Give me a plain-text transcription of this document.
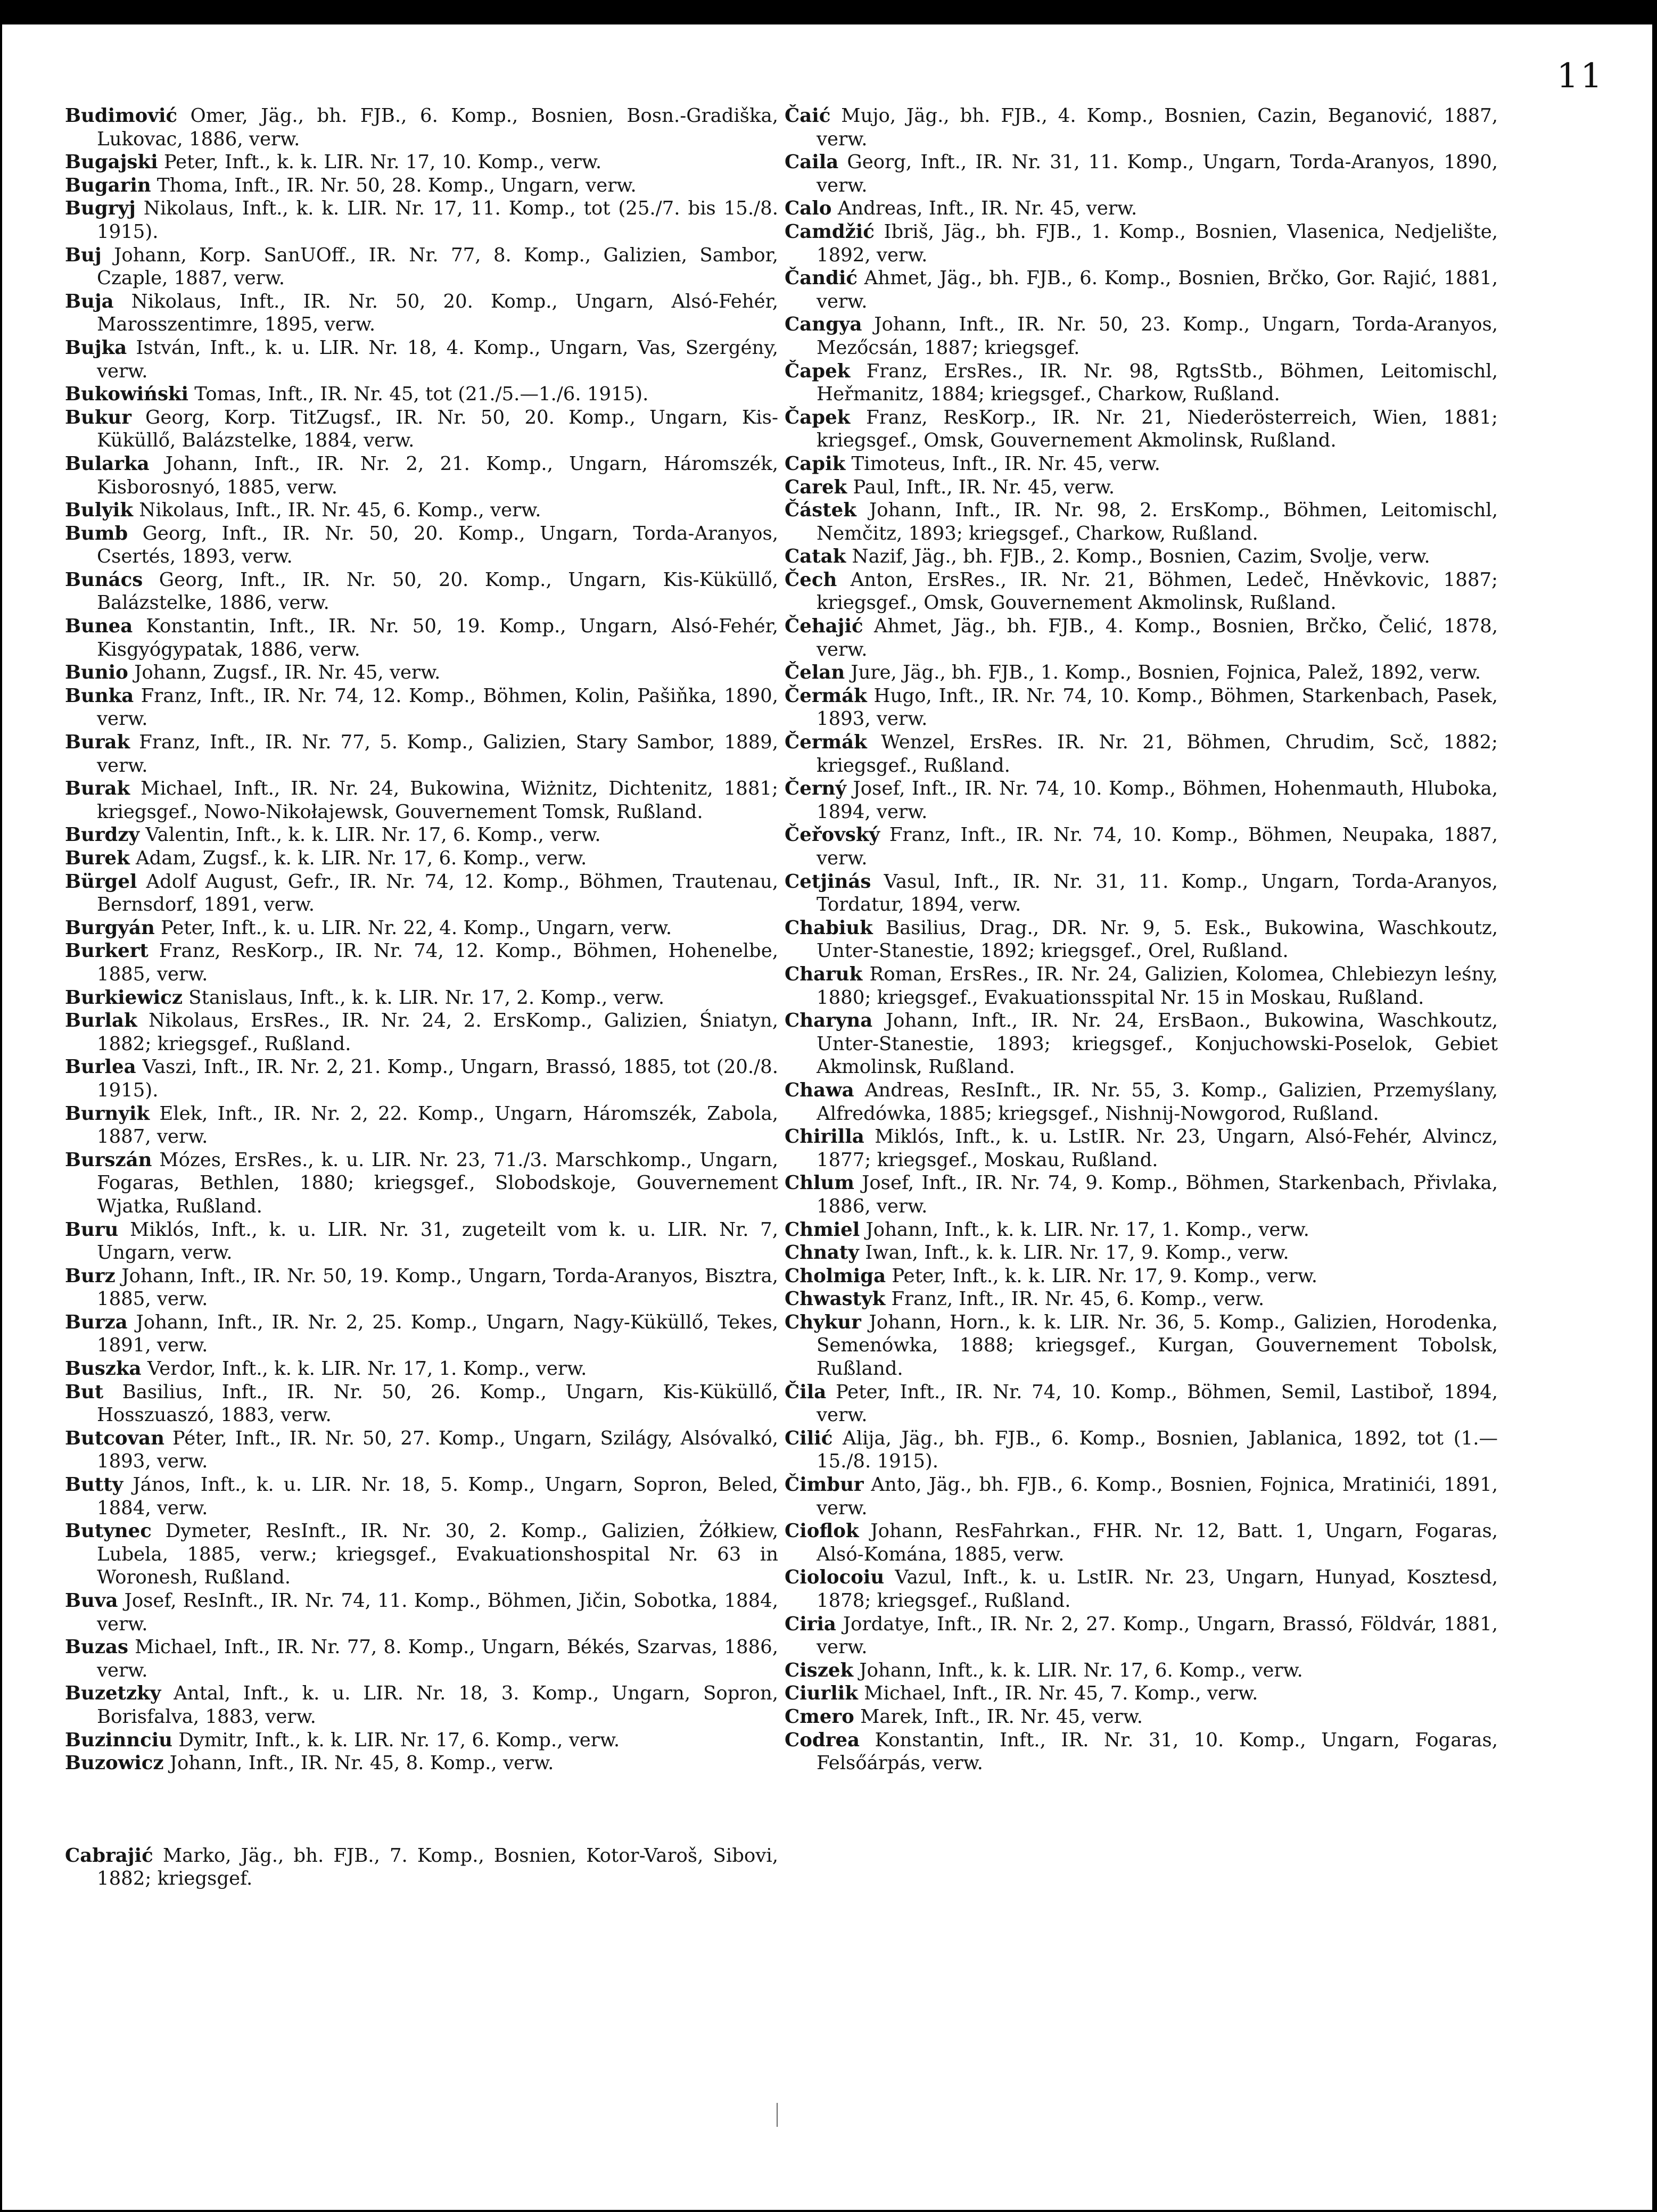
11

Budimović Omer, Jäg., bh. FJB., 6. Komp., Bosnien, Bosn.-Gradiška, Lukovac, 1886, verw.

Bugajski Peter, Inft., k. k. LIR. Nr. 17, 10. Komp., verw.

Bugarin Thoma, Inft., IR. Nr. 50, 28. Komp., Ungarn, verw.

Bugryj Nikolaus, Inft., k. k. LIR. Nr. 17, 11. Komp., tot (25./7. bis 15./8. 1915).

Buj Johann, Korp. SanUOff., IR. Nr. 77, 8. Komp., Galizien, Sambor, Czaple, 1887, verw.

Buja Nikolaus, Inft., IR. Nr. 50, 20. Komp., Ungarn, Alsó-Fehér, Marosszentimre, 1895, verw.

Bujka István, Inft., k. u. LIR. Nr. 18, 4. Komp., Ungarn, Vas, Szergény, verw.

Bukowiński Tomas, Inft., IR. Nr. 45, tot (21./5.—1./6. 1915).

Bukur Georg, Korp. TitZugsf., IR. Nr. 50, 20. Komp., Ungarn, Kis-Küküllő, Balázstelke, 1884, verw.

Bularka Johann, Inft., IR. Nr. 2, 21. Komp., Ungarn, Háromszék, Kisborosnyó, 1885, verw.

Bulyik Nikolaus, Inft., IR. Nr. 45, 6. Komp., verw.

Bumb Georg, Inft., IR. Nr. 50, 20. Komp., Ungarn, Torda-Aranyos, Csertés, 1893, verw.

Bunács Georg, Inft., IR. Nr. 50, 20. Komp., Ungarn, Kis-Küküllő, Balázstelke, 1886, verw.

Bunea Konstantin, Inft., IR. Nr. 50, 19. Komp., Ungarn, Alsó-Fehér, Kisgyógypatak, 1886, verw.

Bunio Johann, Zugsf., IR. Nr. 45, verw.

Bunka Franz, Inft., IR. Nr. 74, 12. Komp., Böhmen, Kolin, Pašiňka, 1890, verw.

Burak Franz, Inft., IR. Nr. 77, 5. Komp., Galizien, Stary Sambor, 1889, verw.

Burak Michael, Inft., IR. Nr. 24, Bukowina, Wiżnitz, Dichtenitz, 1881; kriegsgef., Nowo-Nikołajewsk, Gouvernement Tomsk, Rußland.

Burdzy Valentin, Inft., k. k. LIR. Nr. 17, 6. Komp., verw.

Burek Adam, Zugsf., k. k. LIR. Nr. 17, 6. Komp., verw.

Bürgel Adolf August, Gefr., IR. Nr. 74, 12. Komp., Böhmen, Trautenau, Bernsdorf, 1891, verw.

Burgyán Peter, Inft., k. u. LIR. Nr. 22, 4. Komp., Ungarn, verw.

Burkert Franz, ResKorp., IR. Nr. 74, 12. Komp., Böhmen, Hohenelbe, 1885, verw.

Burkiewicz Stanislaus, Inft., k. k. LIR. Nr. 17, 2. Komp., verw.

Burlak Nikolaus, ErsRes., IR. Nr. 24, 2. ErsKomp., Galizien, Śniatyn, 1882; kriegsgef., Rußland.

Burlea Vaszi, Inft., IR. Nr. 2, 21. Komp., Ungarn, Brassó, 1885, tot (20./8. 1915).

Burnyik Elek, Inft., IR. Nr. 2, 22. Komp., Ungarn, Háromszék, Zabola, 1887, verw.

Burszán Mózes, ErsRes., k. u. LIR. Nr. 23, 71./3. Marschkomp., Ungarn, Fogaras, Bethlen, 1880; kriegsgef., Slobodskoje, Gouvernement Wjatka, Rußland.

Buru Miklós, Inft., k. u. LIR. Nr. 31, zugeteilt vom k. u. LIR. Nr. 7, Ungarn, verw.

Burz Johann, Inft., IR. Nr. 50, 19. Komp., Ungarn, Torda-Aranyos, Bisztra, 1885, verw.

Burza Johann, Inft., IR. Nr. 2, 25. Komp., Ungarn, Nagy-Küküllő, Tekes, 1891, verw.

Buszka Verdor, Inft., k. k. LIR. Nr. 17, 1. Komp., verw.

But Basilius, Inft., IR. Nr. 50, 26. Komp., Ungarn, Kis-Küküllő, Hosszuaszó, 1883, verw.

Butcovan Péter, Inft., IR. Nr. 50, 27. Komp., Ungarn, Szilágy, Alsóvalkó, 1893, verw.

Butty János, Inft., k. u. LIR. Nr. 18, 5. Komp., Ungarn, Sopron, Beled, 1884, verw.

Butynec Dymeter, ResInft., IR. Nr. 30, 2. Komp., Galizien, Żółkiew, Lubela, 1885, verw.; kriegsgef., Evakuationshospital Nr. 63 in Woronesh, Rußland.

Buva Josef, ResInft., IR. Nr. 74, 11. Komp., Böhmen, Jičin, Sobotka, 1884, verw.

Buzas Michael, Inft., IR. Nr. 77, 8. Komp., Ungarn, Békés, Szarvas, 1886, verw.

Buzetzky Antal, Inft., k. u. LIR. Nr. 18, 3. Komp., Ungarn, Sopron, Borisfalva, 1883, verw.

Buzinnciu Dymitr, Inft., k. k. LIR. Nr. 17, 6. Komp., verw.

Buzowicz Johann, Inft., IR. Nr. 45, 8. Komp., verw.

Cabrajić Marko, Jäg., bh. FJB., 7. Komp., Bosnien, Kotor-Varoš, Sibovi, 1882; kriegsgef.

Čaić Mujo, Jäg., bh. FJB., 4. Komp., Bosnien, Cazin, Beganović, 1887, verw.

Caila Georg, Inft., IR. Nr. 31, 11. Komp., Ungarn, Torda-Aranyos, 1890, verw.

Calo Andreas, Inft., IR. Nr. 45, verw.

Camdžić Ibriš, Jäg., bh. FJB., 1. Komp., Bosnien, Vlasenica, Nedjelište, 1892, verw.

Čandić Ahmet, Jäg., bh. FJB., 6. Komp., Bosnien, Brčko, Gor. Rajić, 1881, verw.

Cangya Johann, Inft., IR. Nr. 50, 23. Komp., Ungarn, Torda-Aranyos, Mezőcsán, 1887; kriegsgef.

Čapek Franz, ErsRes., IR. Nr. 98, RgtsStb., Böhmen, Leitomischl, Heřmanitz, 1884; kriegsgef., Charkow, Rußland.

Čapek Franz, ResKorp., IR. Nr. 21, Niederösterreich, Wien, 1881; kriegsgef., Omsk, Gouvernement Akmolinsk, Rußland.

Capik Timoteus, Inft., IR. Nr. 45, verw.

Carek Paul, Inft., IR. Nr. 45, verw.

Částek Johann, Inft., IR. Nr. 98, 2. ErsKomp., Böhmen, Leitomischl, Nemčitz, 1893; kriegsgef., Charkow, Rußland.

Catak Nazif, Jäg., bh. FJB., 2. Komp., Bosnien, Cazim, Svolje, verw.

Čech Anton, ErsRes., IR. Nr. 21, Böhmen, Ledeč, Hněvkovic, 1887; kriegsgef., Omsk, Gouvernement Akmolinsk, Rußland.

Čehajić Ahmet, Jäg., bh. FJB., 4. Komp., Bosnien, Brčko, Čelić, 1878, verw.

Čelan Jure, Jäg., bh. FJB., 1. Komp., Bosnien, Fojnica, Palež, 1892, verw.

Čermák Hugo, Inft., IR. Nr. 74, 10. Komp., Böhmen, Starkenbach, Pasek, 1893, verw.

Čermák Wenzel, ErsRes. IR. Nr. 21, Böhmen, Chrudim, Scč, 1882; kriegsgef., Rußland.

Černý Josef, Inft., IR. Nr. 74, 10. Komp., Böhmen, Hohenmauth, Hluboka, 1894, verw.

Čeřovský Franz, Inft., IR. Nr. 74, 10. Komp., Böhmen, Neupaka, 1887, verw.

Cetjinás Vasul, Inft., IR. Nr. 31, 11. Komp., Ungarn, Torda-Aranyos, Tordatur, 1894, verw.

Chabiuk Basilius, Drag., DR. Nr. 9, 5. Esk., Bukowina, Waschkoutz, Unter-Stanestie, 1892; kriegsgef., Orel, Rußland.

Charuk Roman, ErsRes., IR. Nr. 24, Galizien, Kolomea, Chlebiezyn leśny, 1880; kriegsgef., Evakuationsspital Nr. 15 in Moskau, Rußland.

Charyna Johann, Inft., IR. Nr. 24, ErsBaon., Bukowina, Waschkoutz, Unter-Stanestie, 1893; kriegsgef., Konjuchowski-Poselok, Gebiet Akmolinsk, Rußland.

Chawa Andreas, ResInft., IR. Nr. 55, 3. Komp., Galizien, Przemyślany, Alfredówka, 1885; kriegsgef., Nishnij-Nowgorod, Rußland.

Chirilla Miklós, Inft., k. u. LstIR. Nr. 23, Ungarn, Alsó-Fehér, Alvincz, 1877; kriegsgef., Moskau, Rußland.

Chlum Josef, Inft., IR. Nr. 74, 9. Komp., Böhmen, Starkenbach, Přivlaka, 1886, verw.

Chmiel Johann, Inft., k. k. LIR. Nr. 17, 1. Komp., verw.

Chnaty Iwan, Inft., k. k. LIR. Nr. 17, 9. Komp., verw.

Cholmiga Peter, Inft., k. k. LIR. Nr. 17, 9. Komp., verw.

Chwastyk Franz, Inft., IR. Nr. 45, 6. Komp., verw.

Chykur Johann, Horn., k. k. LIR. Nr. 36, 5. Komp., Galizien, Horodenka, Semenówka, 1888; kriegsgef., Kurgan, Gouvernement Tobolsk, Rußland.

Čila Peter, Inft., IR. Nr. 74, 10. Komp., Böhmen, Semil, Lastiboř, 1894, verw.

Cilić Alija, Jäg., bh. FJB., 6. Komp., Bosnien, Jablanica, 1892, tot (1.—15./8. 1915).

Čimbur Anto, Jäg., bh. FJB., 6. Komp., Bosnien, Fojnica, Mratinići, 1891, verw.

Cioflok Johann, ResFahrkan., FHR. Nr. 12, Batt. 1, Ungarn, Fogaras, Alsó-Komána, 1885, verw.

Ciolocoiu Vazul, Inft., k. u. LstIR. Nr. 23, Ungarn, Hunyad, Kosztesd, 1878; kriegsgef., Rußland.

Ciria Jordatye, Inft., IR. Nr. 2, 27. Komp., Ungarn, Brassó, Földvár, 1881, verw.

Ciszek Johann, Inft., k. k. LIR. Nr. 17, 6. Komp., verw.

Ciurlik Michael, Inft., IR. Nr. 45, 7. Komp., verw.

Cmero Marek, Inft., IR. Nr. 45, verw.

Codrea Konstantin, Inft., IR. Nr. 31, 10. Komp., Ungarn, Fogaras, Felsőárpás, verw.
